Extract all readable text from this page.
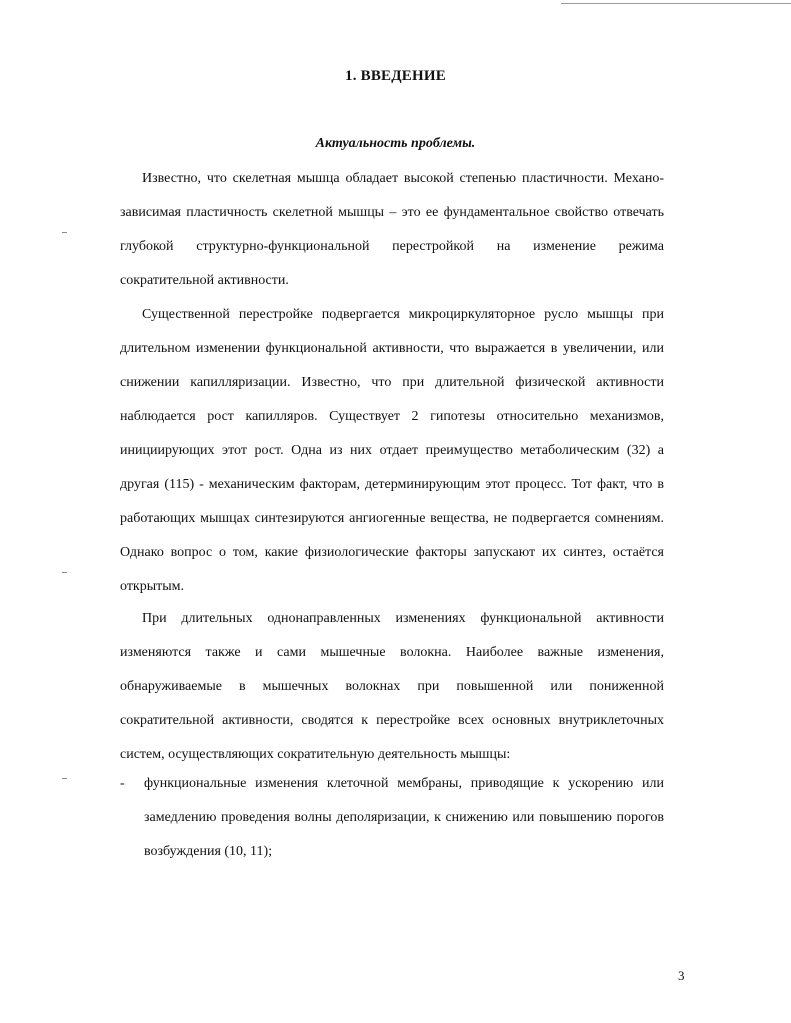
1. ВВЕДЕНИЕ
Актуальность проблемы.

Известно, что скелетная мышца обладает высокой степенью пластичности. Механо-зависимая пластичность скелетной мышцы – это ее фундаментальное свойство отвечать глубокой структурно-функциональной перестройкой на изменение режима сократительной активности.

Существенной перестройке подвергается микроциркуляторное русло мышцы при длительном изменении функциональной активности, что выражается в увеличении, или снижении капилляризации. Известно, что при длительной физической активности наблюдается рост капилляров. Существует 2 гипотезы относительно механизмов, инициирующих этот рост. Одна из них отдает преимущество метаболическим (32) а другая (115) - механическим факторам, детерминирующим этот процесс. Тот факт, что в работающих мышцах синтезируются ангиогенные вещества, не подвергается сомнениям. Однако вопрос о том, какие физиологические факторы запускают их синтез, остаётся открытым.

При длительных однонаправленных изменениях функциональной активности изменяются также и сами мышечные волокна. Наиболее важные изменения, обнаруживаемые в мышечных волокнах при повышенной или пониженной сократительной активности, сводятся к перестройке всех основных внутриклеточных систем, осуществляющих сократительную деятельность мышцы:

- функциональные изменения клеточной мембраны, приводящие к ускорению или замедлению проведения волны деполяризации, к снижению или повышению порогов возбуждения (10, 11);
3
